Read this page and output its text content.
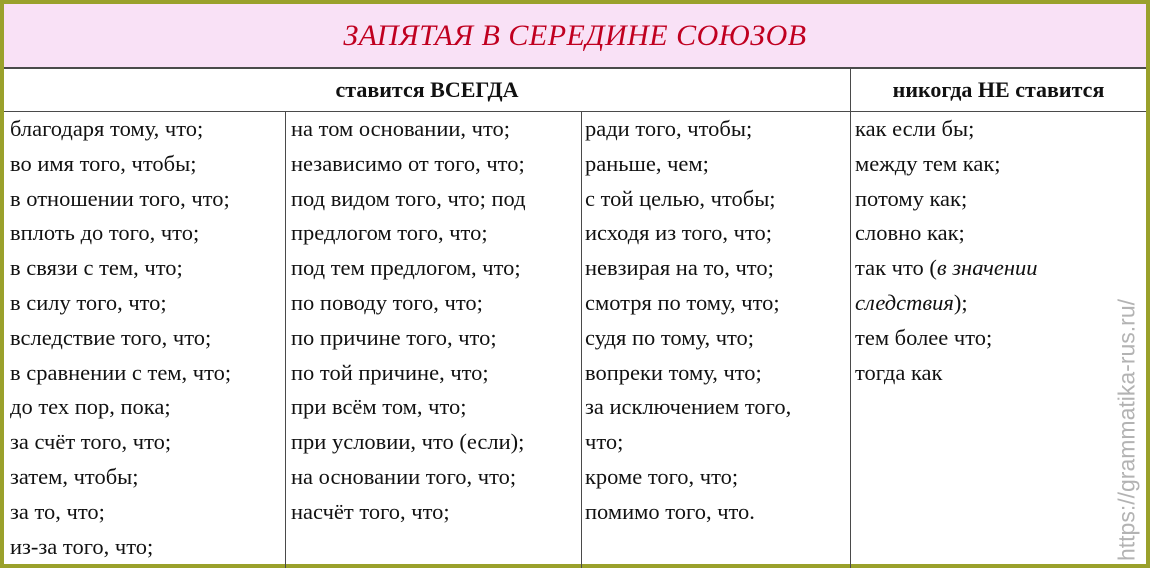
ЗАПЯТАЯ В СЕРЕДИНЕ СОЮЗОВ
ставится ВСЕГДА	никогда НЕ ставится
благодаря тому, что;
во имя того, чтобы;
в отношении того, что;
вплоть до того, что;
в связи с тем, что;
в силу того, что;
вследствие того, что;
в сравнении с тем, что;
до тех пор, пока;
за счёт того, что;
затем, чтобы;
за то, что;
из-за того, что;
на том основании, что;
независимо от того, что;
под видом того, что; под
предлогом того, что;
под тем предлогом, что;
по поводу того, что;
по причине того, что;
по той причине, что;
при всём том, что;
при условии, что (если);
на основании того, что;
насчёт того, что;
ради того, чтобы;
раньше, чем;
с той целью, чтобы;
исходя из того, что;
невзирая на то, что;
смотря по тому, что;
судя по тому, что;
вопреки тому, что;
за исключением того,
что;
кроме того, что;
помимо того, что.
как если бы;
между тем как;
потому как;
словно как;
так что (в значении
следствия);
тем более что;
тогда как	https://grammatika-rus.ru/
